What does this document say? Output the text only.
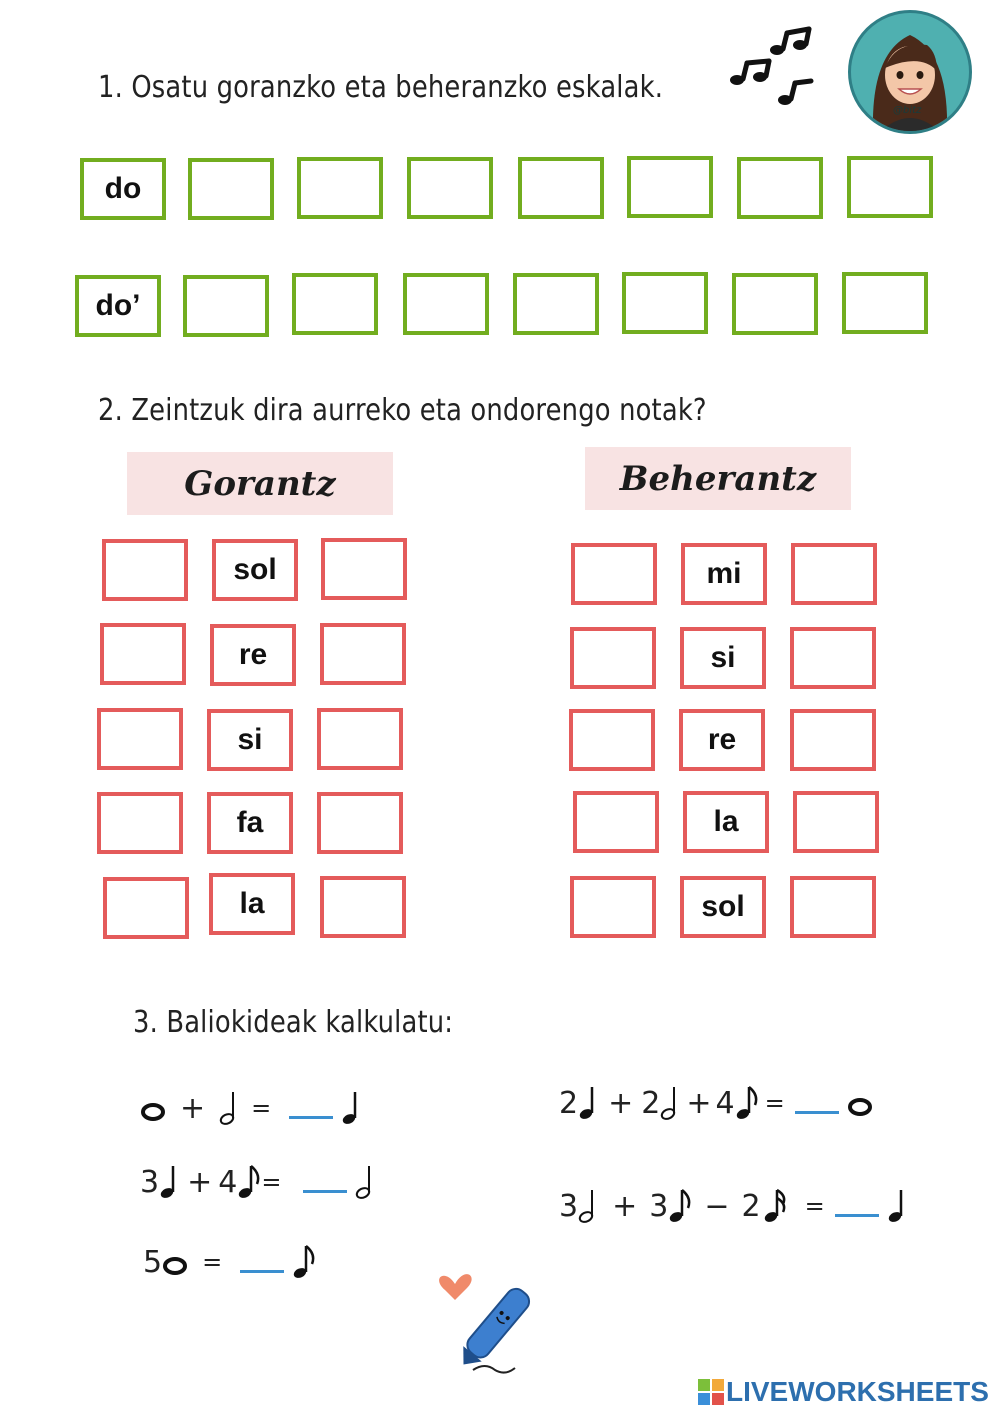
1. Osatu goranzko eta beheranzko eskalak.
@bitz
do
do’
2. Zeintzuk dira aurreko eta ondorengo notak?
Gorantz	Beherantz
sol
re
si
fa
la
mi
si
re
la
sol
3. Baliokideak kalkulatu:
+ =
3 + 4 =
5 =
2 + 2 + 4 =
3 + 3 − 2 =
LIVEWORKSHEETS
